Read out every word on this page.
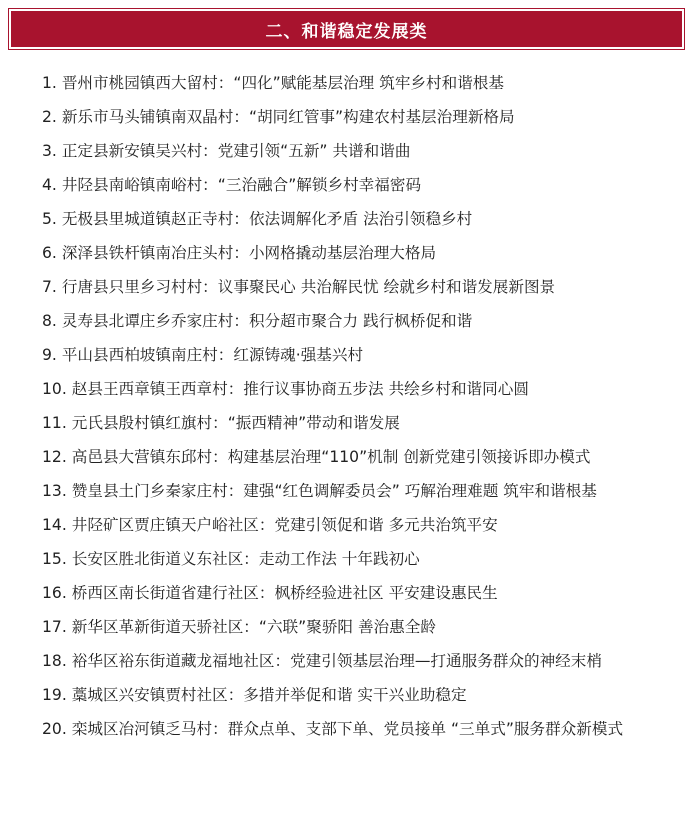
二、和谐稳定发展类
1. 晋州市桃园镇西大留村：“四化”赋能基层治理 筑牢乡村和谐根基
2. 新乐市马头铺镇南双晶村：“胡同红管事”构建农村基层治理新格局
3. 正定县新安镇吴兴村：党建引领“五新” 共谱和谐曲
4. 井陉县南峪镇南峪村：“三治融合”解锁乡村幸福密码
5. 无极县里城道镇赵正寺村：依法调解化矛盾 法治引领稳乡村
6. 深泽县铁杆镇南冶庄头村：小网格撬动基层治理大格局
7. 行唐县只里乡习村村：议事聚民心 共治解民忧 绘就乡村和谐发展新图景
8. 灵寿县北谭庄乡乔家庄村：积分超市聚合力 践行枫桥促和谐
9. 平山县西柏坡镇南庄村：红源铸魂·强基兴村
10. 赵县王西章镇王西章村：推行议事协商五步法 共绘乡村和谐同心圆
11. 元氏县殷村镇红旗村：“振西精神”带动和谐发展
12. 高邑县大营镇东邱村：构建基层治理“110”机制 创新党建引领接诉即办模式
13. 赞皇县土门乡秦家庄村：建强“红色调解委员会” 巧解治理难题 筑牢和谐根基
14. 井陉矿区贾庄镇天户峪社区：党建引领促和谐 多元共治筑平安
15. 长安区胜北街道义东社区：走动工作法 十年践初心
16. 桥西区南长街道省建行社区：枫桥经验进社区 平安建设惠民生
17. 新华区革新街道天骄社区：“六联”聚骄阳 善治惠全龄
18. 裕华区裕东街道藏龙福地社区：党建引领基层治理—打通服务群众的神经末梢
19. 藁城区兴安镇贾村社区：多措并举促和谐 实干兴业助稳定
20. 栾城区冶河镇乏马村：群众点单、支部下单、党员接单 “三单式”服务群众新模式
